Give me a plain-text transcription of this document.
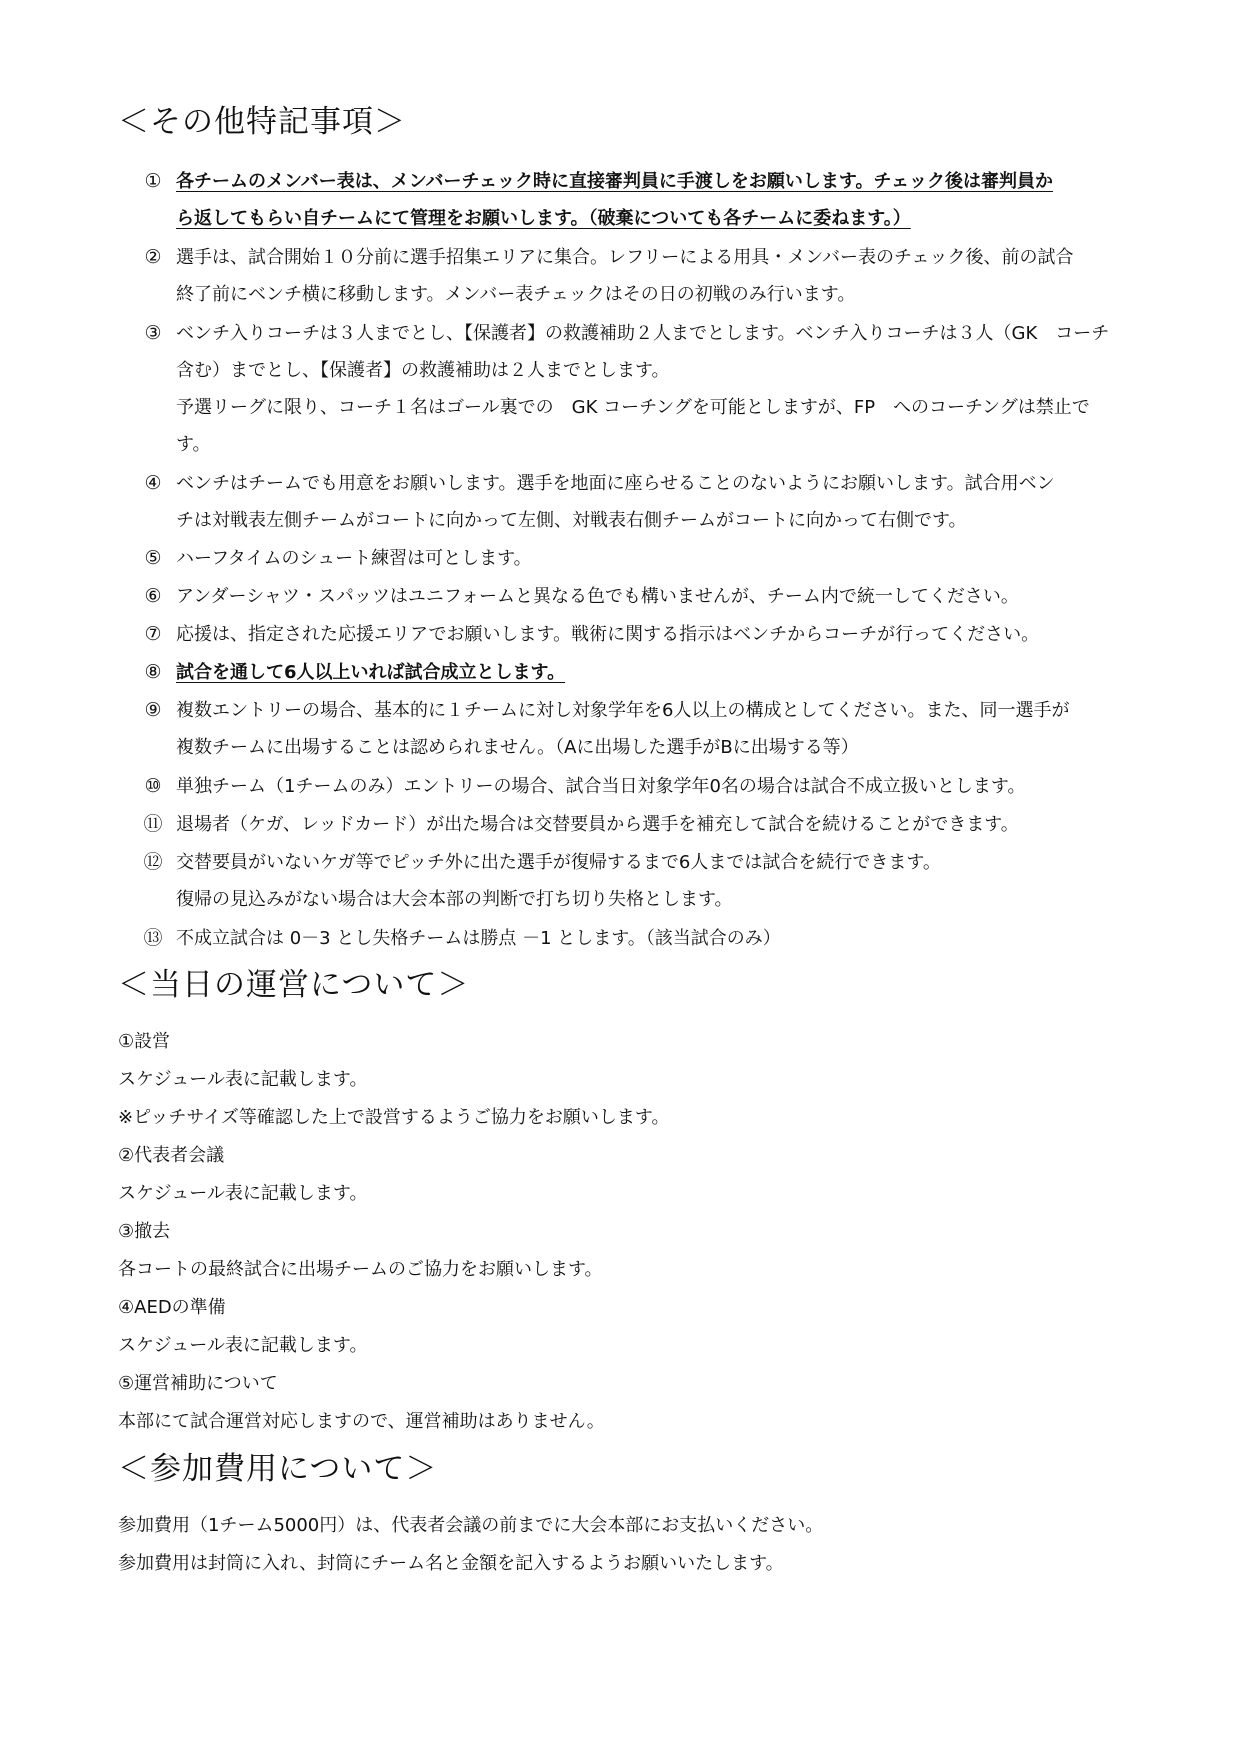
＜その他特記事項＞
① 各チームのメンバー表は、メンバーチェック時に直接審判員に手渡しをお願いします。チェック後は審判員か
ら返してもらい自チームにて管理をお願いします。（破棄についても各チームに委ねます。）
② 選手は、試合開始１０分前に選手招集エリアに集合。レフリーによる用具・メンバー表のチェック後、前の試合
終了前にベンチ横に移動します。メンバー表チェックはその日の初戦のみ行います。
③ ベンチ入りコーチは３人までとし、【保護者】の救護補助２人までとします。ベンチ入りコーチは３人（GK　コーチ
含む）までとし、【保護者】の救護補助は２人までとします。
予選リーグに限り、コーチ１名はゴール裏での　GK コーチングを可能としますが、FP　へのコーチングは禁止で
す。
④ ベンチはチームでも用意をお願いします。選手を地面に座らせることのないようにお願いします。試合用ベン
チは対戦表左側チームがコートに向かって左側、対戦表右側チームがコートに向かって右側です。
⑤ ハーフタイムのシュート練習は可とします。
⑥ アンダーシャツ・スパッツはユニフォームと異なる色でも構いませんが、チーム内で統一してください。
⑦ 応援は、指定された応援エリアでお願いします。戦術に関する指示はベンチからコーチが行ってください。
⑧ 試合を通して6人以上いれば試合成立とします。
⑨ 複数エントリーの場合、基本的に１チームに対し対象学年を6人以上の構成としてください。また、同一選手が
複数チームに出場することは認められません。（Aに出場した選手がBに出場する等）
⑩ 単独チーム（1チームのみ）エントリーの場合、試合当日対象学年0名の場合は試合不成立扱いとします。
⑪ 退場者（ケガ、レッドカード）が出た場合は交替要員から選手を補充して試合を続けることができます。
⑫ 交替要員がいないケガ等でピッチ外に出た選手が復帰するまで6人までは試合を続行できます。
復帰の見込みがない場合は大会本部の判断で打ち切り失格とします。
⑬ 不成立試合は 0－3 とし失格チームは勝点 －1 とします。（該当試合のみ）
＜当日の運営について＞
①設営
スケジュール表に記載します。
※ピッチサイズ等確認した上で設営するようご協力をお願いします。
②代表者会議
スケジュール表に記載します。
③撤去
各コートの最終試合に出場チームのご協力をお願いします。
④AEDの準備
スケジュール表に記載します。
⑤運営補助について
本部にて試合運営対応しますので、運営補助はありません。
＜参加費用について＞
参加費用（1チーム5000円）は、代表者会議の前までに大会本部にお支払いください。
参加費用は封筒に入れ、封筒にチーム名と金額を記入するようお願いいたします。
